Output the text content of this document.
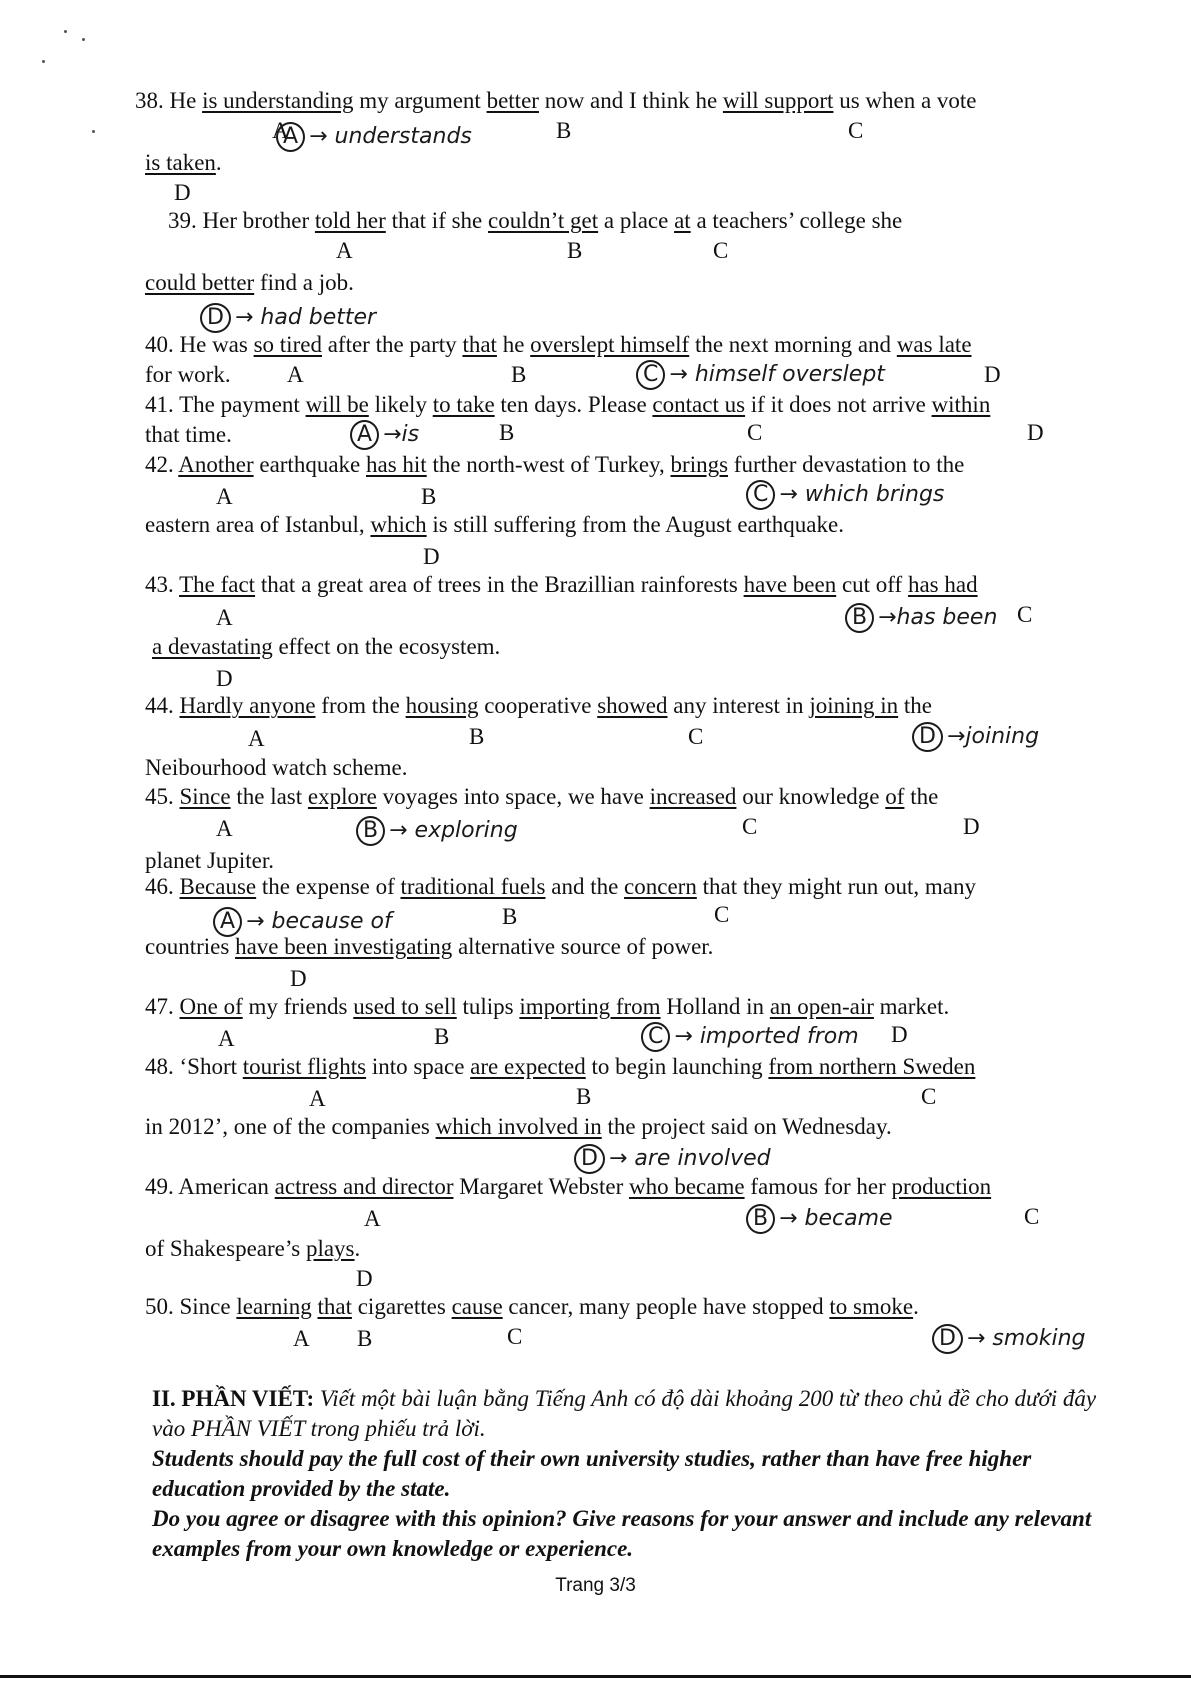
38. He is understanding my argument better now and I think he will support us when a vote
A	B	C
is taken.
D
A → understands
39. Her brother told her that if she couldn’t get a place at a teachers’ college she
A	B	C
could better find a job.
D → had better
40. He was so tired after the party that he overslept himself the next morning and was late
for work. A	B	D
C → himself overslept
41. The payment will be likely to take ten days. Please contact us if it does not arrive within
that time.	B	C	D
A →is
42. Another earthquake has hit the north-west of Turkey, brings further devastation to the
A	B	C → which brings
eastern area of Istanbul, which is still suffering from the August earthquake.
D
43. The fact that a great area of trees in the Brazillian rainforests have been cut off has had
A	C
B →has been
a devastating effect on the ecosystem.
D
44. Hardly anyone from the housing cooperative showed any interest in joining in the
A	B	C	D →joining
Neibourhood watch scheme.
45. Since the last explore voyages into space, we have increased our knowledge of the
A	C	D
B → exploring
planet Jupiter.
46. Because the expense of traditional fuels and the concern that they might run out, many
A → because of	B	C
countries have been investigating alternative source of power.
D
47. One of my friends used to sell tulips importing from Holland in an open-air market.
A	B	D
C → imported from
48. ‘Short tourist flights into space are expected to begin launching from northern Sweden
A	B	C
in 2012’, one of the companies which involved in the project said on Wednesday.
D → are involved
49. American actress and director Margaret Webster who became famous for her production
A	B → became	C
of Shakespeare’s plays.
D
50. Since learning that cigarettes cause cancer, many people have stopped to smoke.
A B	C	D → smoking
II. PHẦN VIẾT: Viết một bài luận bằng Tiếng Anh có độ dài khoảng 200 từ theo chủ đề cho dưới đây vào PHẦN VIẾT trong phiếu trả lời.
Students should pay the full cost of their own university studies, rather than have free higher education provided by the state.
Do you agree or disagree with this opinion? Give reasons for your answer and include any relevant examples from your own knowledge or experience.
Trang 3/3
